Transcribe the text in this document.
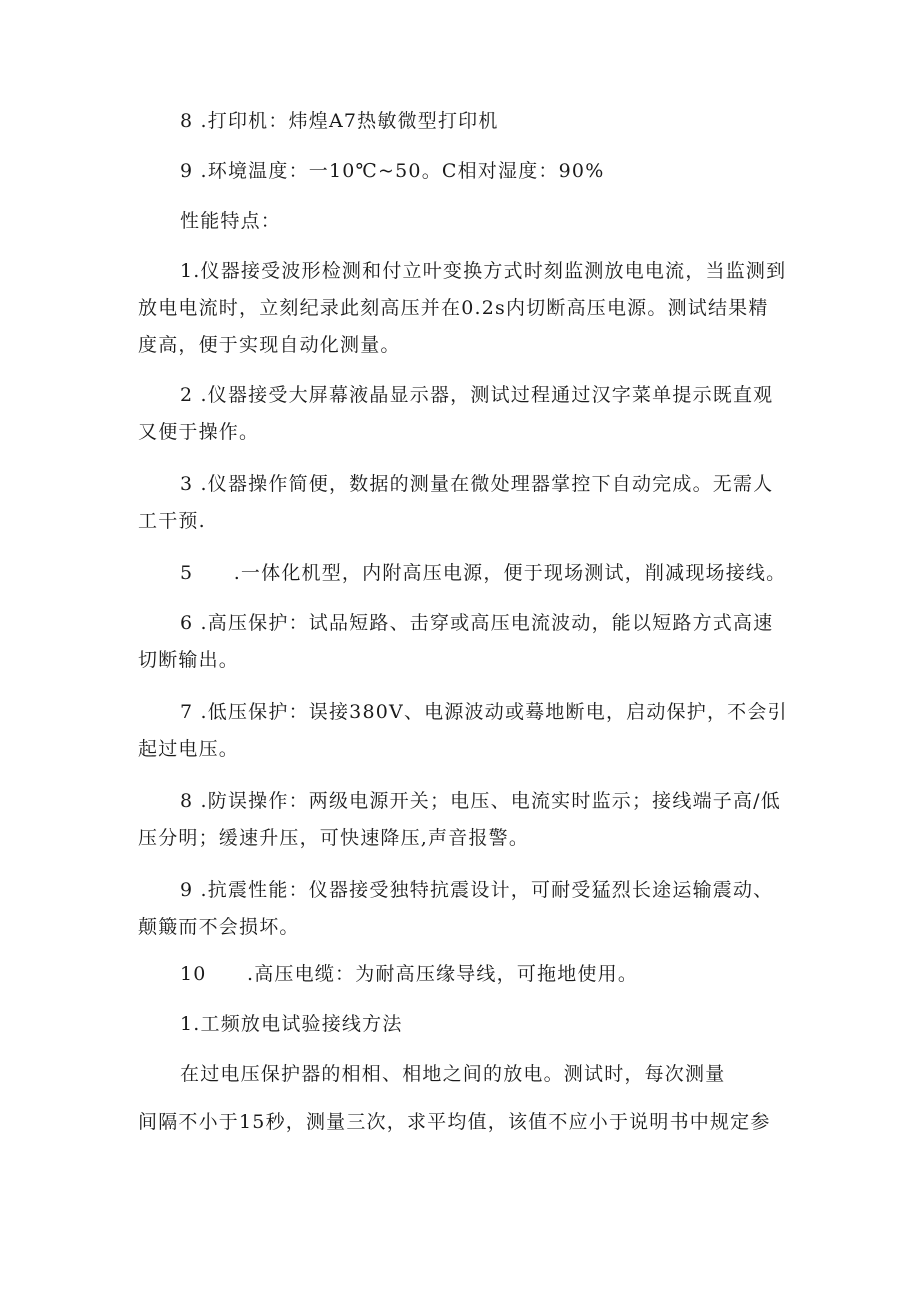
8 .打印机：炜煌A7热敏微型打印机

9 .环境温度：一10℃~50。C相对湿度：90%

性能特点：

1.仪器接受波形检测和付立叶变换方式时刻监测放电电流，当监测到
放电电流时，立刻纪录此刻高压并在0.2s内切断高压电源。测试结果精
度高，便于实现自动化测量。

2 .仪器接受大屏幕液晶显示器，测试过程通过汉字菜单提示既直观
又便于操作。

3 .仪器操作简便，数据的测量在微处理器掌控下自动完成。无需人
工干预.

5　　.一体化机型，内附高压电源，便于现场测试，削减现场接线。

6 .高压保护：试品短路、击穿或高压电流波动，能以短路方式高速
切断输出。

7 .低压保护：误接380V、电源波动或蓦地断电，启动保护，不会引
起过电压。

8 .防误操作：两级电源开关；电压、电流实时监示；接线端子高/低
压分明；缓速升压，可快速降压,声音报警。

9 .抗震性能：仪器接受独特抗震设计，可耐受猛烈长途运输震动、
颠簸而不会损坏。

10　　.高压电缆：为耐高压缘导线，可拖地使用。

1.工频放电试验接线方法

在过电压保护器的相相、相地之间的放电。测试时，每次测量

间隔不小于15秒，测量三次，求平均值，该值不应小于说明书中规定参
